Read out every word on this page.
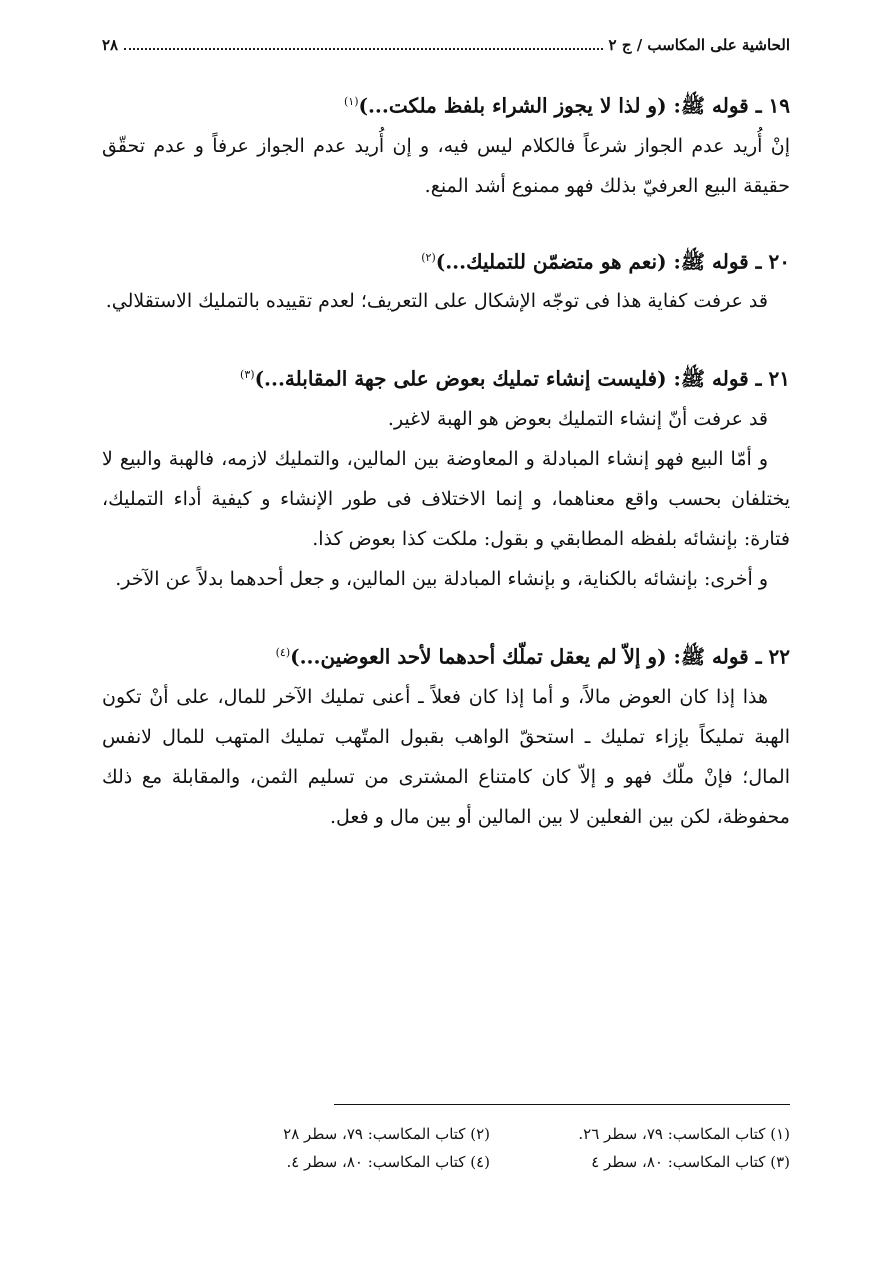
الحاشية على المكاسب / ج ٢
٢٨
١٩ ـ قوله ﷺ: (و لذا لا يجوز الشراء بلفظ ملكت...)$^{(١)}$

إنْ أُريد عدم الجواز شرعاً فالكلام ليس فيه، و إن أُريد عدم الجواز عرفاً و عدم تحقّق حقيقة البيع العرفيّ بذلك فهو ممنوع أشد المنع.

٢٠ ـ قوله ﷺ: (نعم هو متضمّن للتمليك...)$^{(٢)}$

قد عرفت كفاية هذا فى توجّه الإشكال على التعريف؛ لعدم تقييده بالتمليك الاستقلالي.

٢١ ـ قوله ﷺ: (فليست إنشاء تمليك بعوض على جهة المقابلة...)$^{(٣)}$

قد عرفت أنّ إنشاء التمليك بعوض هو الهبة لاغير.

و أمّا البيع فهو إنشاء المبادلة و المعاوضة بين المالين، والتمليك لازمه، فالهبة والبيع لا يختلفان بحسب واقع معناهما، و إنما الاختلاف فى طور الإنشاء و كيفية أداء التمليك، فتارة: بإنشائه بلفظه المطابقي و بقول: ملكت كذا بعوض كذا.

و أخرى: بإنشائه بالكناية، و بإنشاء المبادلة بين المالين، و جعل أحدهما بدلاً عن الآخر.

٢٢ ـ قوله ﷺ: (و إلاّ لم يعقل تملّك أحدهما لأحد العوضين...)$^{(٤)}$

هذا إذا كان العوض مالاً، و أما إذا كان فعلاً ـ أعنى تمليك الآخر للمال، على أنْ تكون الهبة تمليكاً بإزاء تمليك ـ استحقّ الواهب بقبول المتّهب تمليك المتهب للمال لانفس المال؛ فإنْ ملّك فهو و إلاّ كان كامتناع المشترى من تسليم الثمن، والمقابلة مع ذلك محفوظة، لكن بين الفعلين لا بين المالين أو بين مال و فعل.

(١) كتاب المكاسب: ٧٩، سطر ٢٦.
(٢) كتاب المكاسب: ٧٩، سطر ٢٨
(٣) كتاب المكاسب: ٨٠، سطر ٤
(٤) كتاب المكاسب: ٨٠، سطر ٤.
